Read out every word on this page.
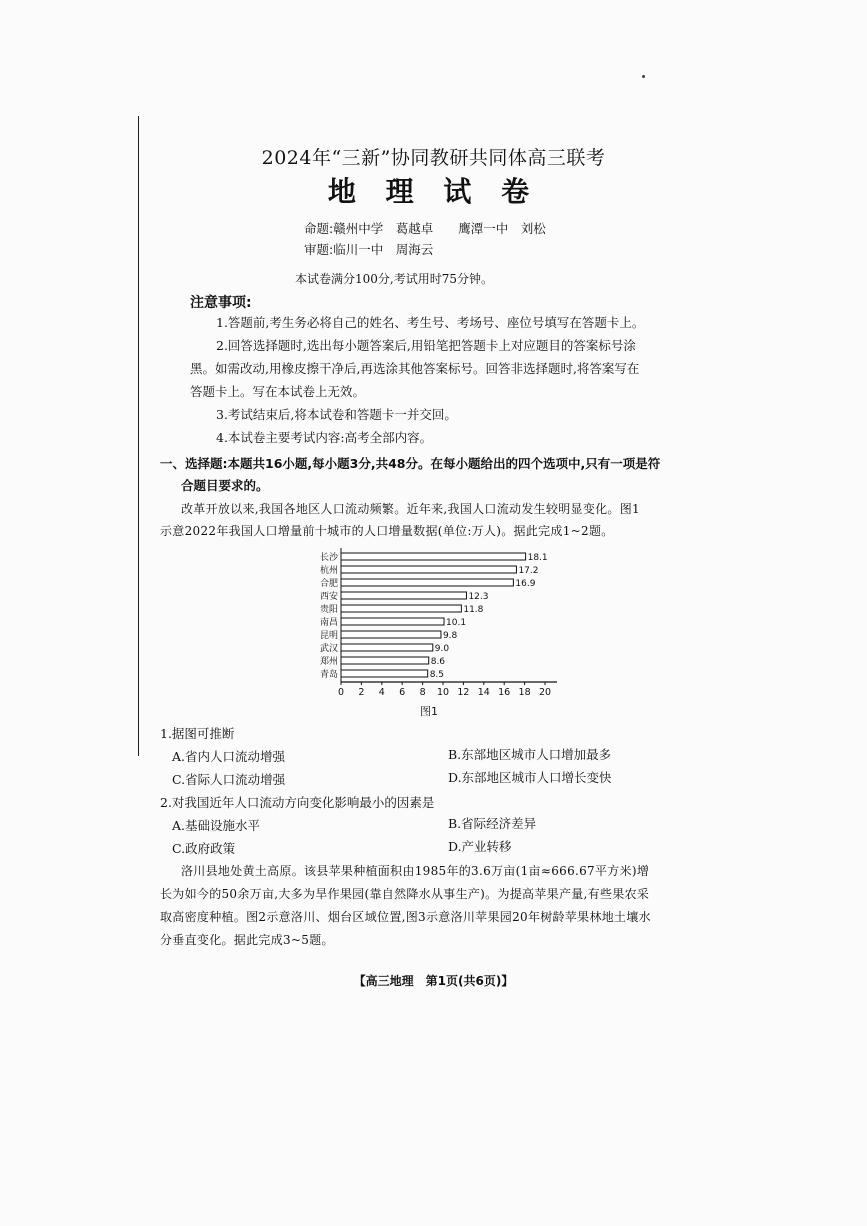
2024年“三新”协同教研共同体高三联考
地 理 试 卷
命题:赣州中学　葛越卓　　鹰潭一中　刘松
审题:临川一中　周海云
本试卷满分100分,考试用时75分钟。
注意事项:
1.答题前,考生务必将自己的姓名、考生号、考场号、座位号填写在答题卡上。
2.回答选择题时,选出每小题答案后,用铅笔把答题卡上对应题目的答案标号涂
黑。如需改动,用橡皮擦干净后,再选涂其他答案标号。回答非选择题时,将答案写在
答题卡上。写在本试卷上无效。
3.考试结束后,将本试卷和答题卡一并交回。
4.本试卷主要考试内容:高考全部内容。
一、选择题:本题共16小题,每小题3分,共48分。在每小题给出的四个选项中,只有一项是符
合题目要求的。
改革开放以来,我国各地区人口流动频繁。近年来,我国人口流动发生较明显变化。图1
示意2022年我国人口增量前十城市的人口增量数据(单位:万人)。据此完成1~2题。
长沙	18.1
杭州	17.2
合肥	16.9
西安	12.3
贵阳	11.8
南昌	10.1
昆明	9.8
武汉	9.0
郑州	8.6
青岛	8.5
0 2 4 6 8 10 12 14 16 18 20
图1
1.据图可推断
A.省内人口流动增强	B.东部地区城市人口增加最多
C.省际人口流动增强	D.东部地区城市人口增长变快
2.对我国近年人口流动方向变化影响最小的因素是
A.基础设施水平	B.省际经济差异
C.政府政策	D.产业转移
洛川县地处黄土高原。该县苹果种植面积由1985年的3.6万亩(1亩≈666.67平方米)增
长为如今的50余万亩,大多为旱作果园(靠自然降水从事生产)。为提高苹果产量,有些果农采
取高密度种植。图2示意洛川、烟台区域位置,图3示意洛川苹果园20年树龄苹果林地土壤水
分垂直变化。据此完成3~5题。
【高三地理　第1页(共6页)】
